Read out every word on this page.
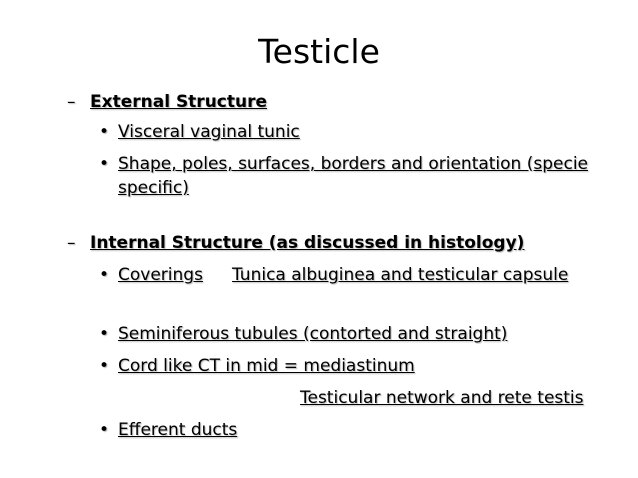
Testicle
– External Structure
• Visceral vaginal tunic
• Shape, poles, surfaces, borders and orientation (specie
specific)
– Internal Structure (as discussed in histology)
• Coverings Tunica albuginea and testicular capsule
• Seminiferous tubules (contorted and straight)
• Cord like CT in mid = mediastinum
Testicular network and rete testis
• Efferent ducts
